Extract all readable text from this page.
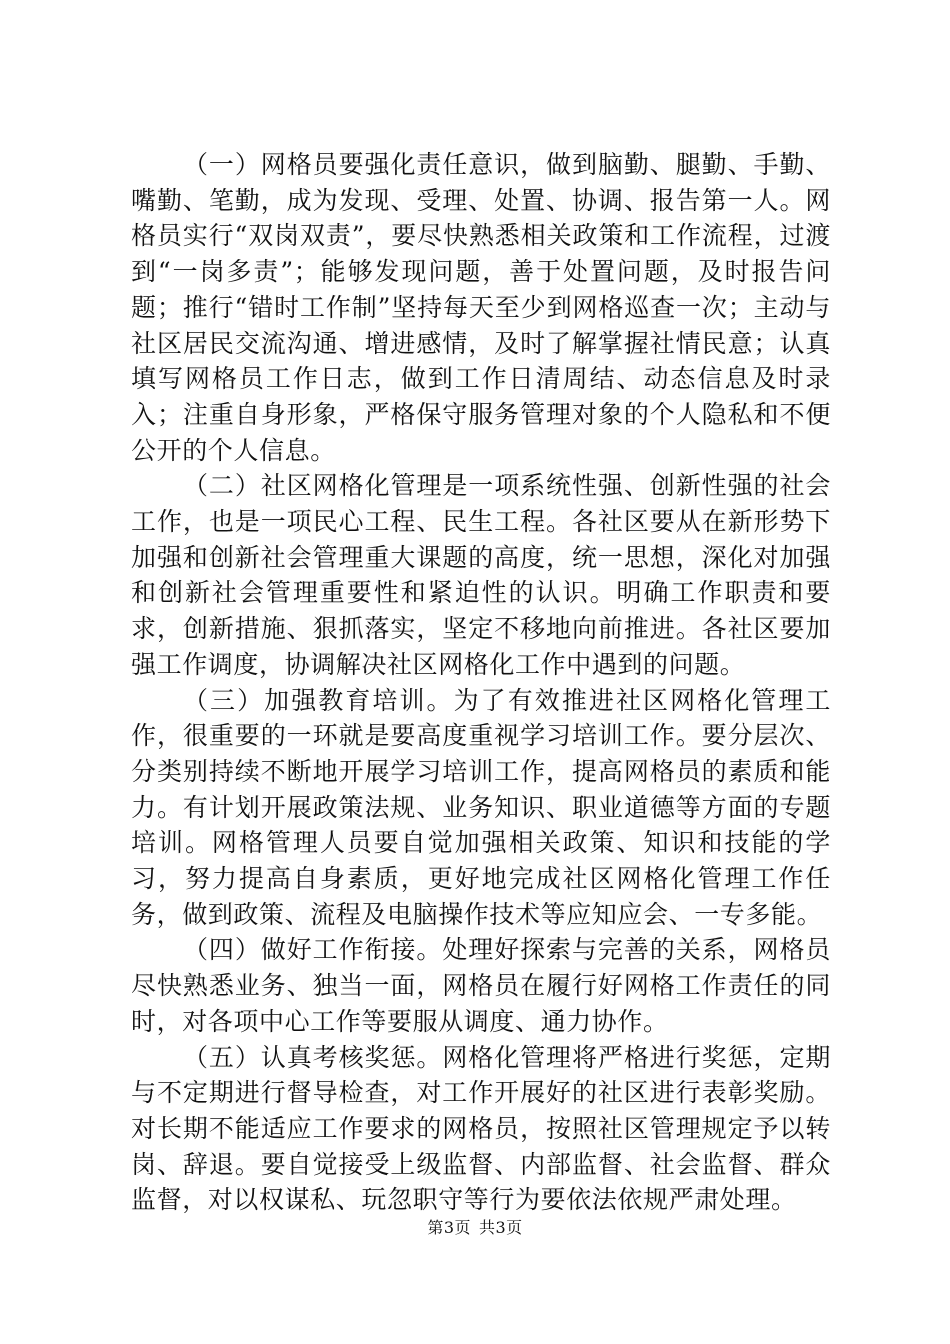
（一）网格员要强化责任意识，做到脑勤、腿勤、手勤、嘴勤、笔勤，成为发现、受理、处置、协调、报告第一人。网格员实行“双岗双责”，要尽快熟悉相关政策和工作流程，过渡到“一岗多责”；能够发现问题，善于处置问题，及时报告问题；推行“错时工作制”坚持每天至少到网格巡查一次；主动与社区居民交流沟通、增进感情，及时了解掌握社情民意；认真填写网格员工作日志，做到工作日清周结、动态信息及时录入；注重自身形象，严格保守服务管理对象的个人隐私和不便公开的个人信息。

（二）社区网格化管理是一项系统性强、创新性强的社会工作，也是一项民心工程、民生工程。各社区要从在新形势下加强和创新社会管理重大课题的高度，统一思想，深化对加强和创新社会管理重要性和紧迫性的认识。明确工作职责和要求，创新措施、狠抓落实，坚定不移地向前推进。各社区要加强工作调度，协调解决社区网格化工作中遇到的问题。

（三）加强教育培训。为了有效推进社区网格化管理工作，很重要的一环就是要高度重视学习培训工作。要分层次、分类别持续不断地开展学习培训工作，提高网格员的素质和能力。有计划开展政策法规、业务知识、职业道德等方面的专题培训。网格管理人员要自觉加强相关政策、知识和技能的学习，努力提高自身素质，更好地完成社区网格化管理工作任务，做到政策、流程及电脑操作技术等应知应会、一专多能。

（四）做好工作衔接。处理好探索与完善的关系，网格员尽快熟悉业务、独当一面，网格员在履行好网格工作责任的同时，对各项中心工作等要服从调度、通力协作。

（五）认真考核奖惩。网格化管理将严格进行奖惩，定期与不定期进行督导检查，对工作开展好的社区进行表彰奖励。对长期不能适应工作要求的网格员，按照社区管理规定予以转岗、辞退。要自觉接受上级监督、内部监督、社会监督、群众监督，对以权谋私、玩忽职守等行为要依法依规严肃处理。

第3页 共3页
